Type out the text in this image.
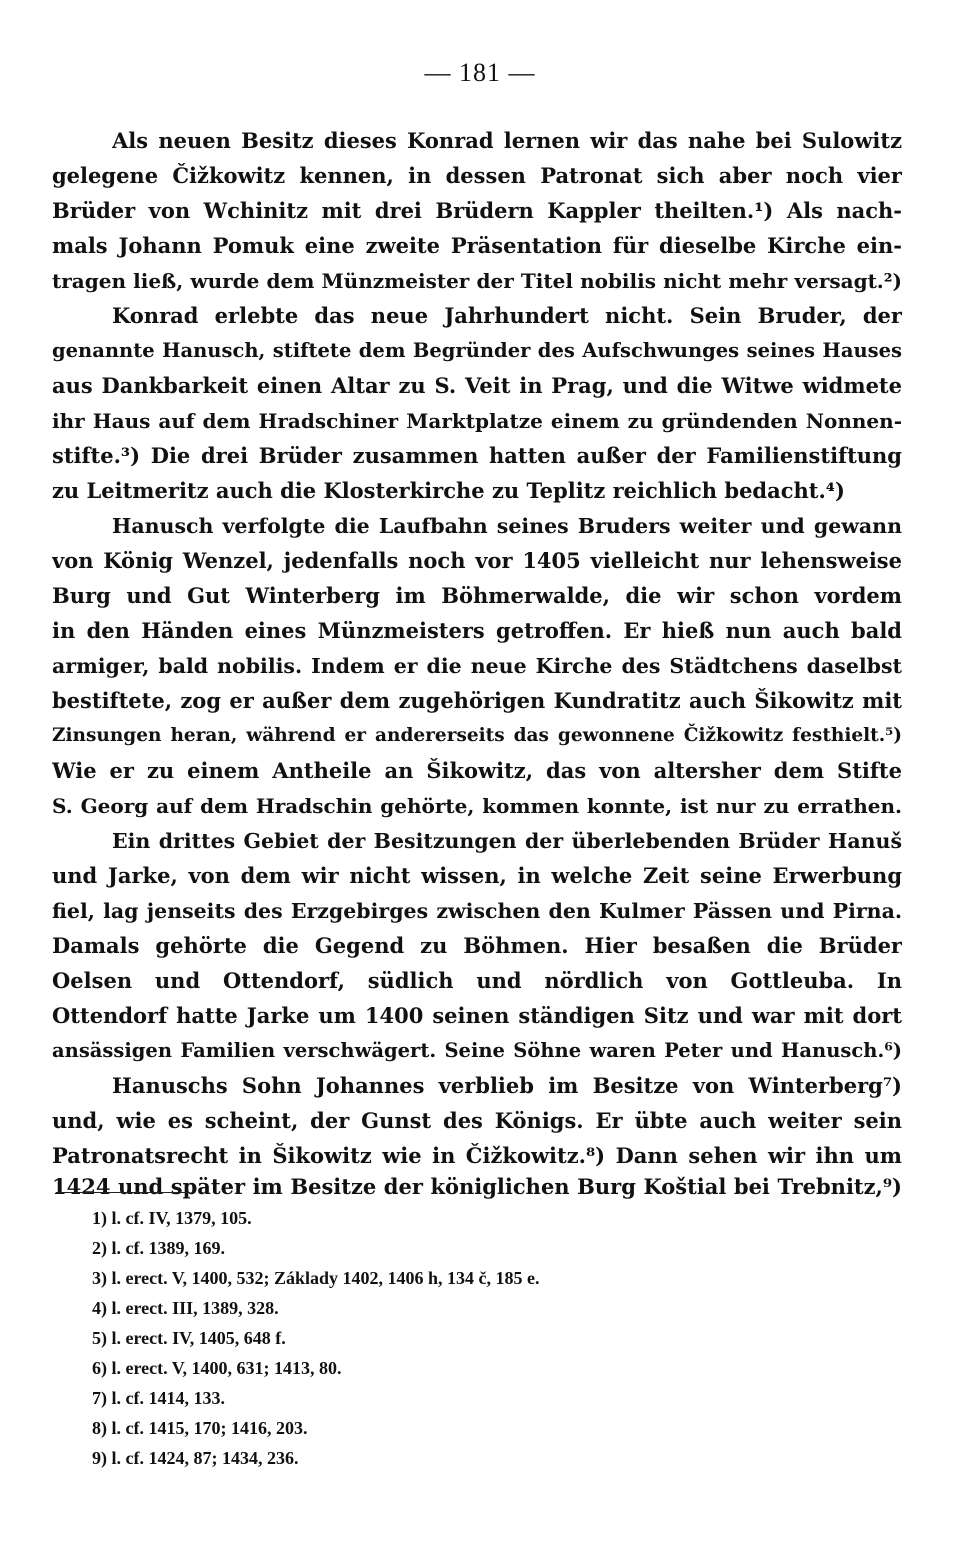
— 181 —
Als neuen Besitz dieses Konrad lernen wir das nahe bei Sulowitz
gelegene Čižkowitz kennen, in dessen Patronat sich aber noch vier
Brüder von Wchinitz mit drei Brüdern Kappler theilten.¹) Als nach-
mals Johann Pomuk eine zweite Präsentation für dieselbe Kirche ein-
tragen ließ, wurde dem Münzmeister der Titel nobilis nicht mehr versagt.²)
Konrad erlebte das neue Jahrhundert nicht. Sein Bruder, der
genannte Hanusch, stiftete dem Begründer des Aufschwunges seines Hauses
aus Dankbarkeit einen Altar zu S. Veit in Prag, und die Witwe widmete
ihr Haus auf dem Hradschiner Marktplatze einem zu gründenden Nonnen-
stifte.³) Die drei Brüder zusammen hatten außer der Familienstiftung
zu Leitmeritz auch die Klosterkirche zu Teplitz reichlich bedacht.⁴)
Hanusch verfolgte die Laufbahn seines Bruders weiter und gewann
von König Wenzel, jedenfalls noch vor 1405 vielleicht nur lehensweise
Burg und Gut Winterberg im Böhmerwalde, die wir schon vordem
in den Händen eines Münzmeisters getroffen. Er hieß nun auch bald
armiger, bald nobilis. Indem er die neue Kirche des Städtchens daselbst
bestiftete, zog er außer dem zugehörigen Kundratitz auch Šikowitz mit
Zinsungen heran, während er andererseits das gewonnene Čižkowitz festhielt.⁵)
Wie er zu einem Antheile an Šikowitz, das von altersher dem Stifte
S. Georg auf dem Hradschin gehörte, kommen konnte, ist nur zu errathen.
Ein drittes Gebiet der Besitzungen der überlebenden Brüder Hanuš
und Jarke, von dem wir nicht wissen, in welche Zeit seine Erwerbung
fiel, lag jenseits des Erzgebirges zwischen den Kulmer Pässen und Pirna.
Damals gehörte die Gegend zu Böhmen. Hier besaßen die Brüder
Oelsen und Ottendorf, südlich und nördlich von Gottleuba. In
Ottendorf hatte Jarke um 1400 seinen ständigen Sitz und war mit dort
ansässigen Familien verschwägert. Seine Söhne waren Peter und Hanusch.⁶)
Hanuschs Sohn Johannes verblieb im Besitze von Winterberg⁷)
und, wie es scheint, der Gunst des Königs. Er übte auch weiter sein
Patronatsrecht in Šikowitz wie in Čižkowitz.⁸) Dann sehen wir ihn um
1424 und später im Besitze der königlichen Burg Koštial bei Trebnitz,⁹)
1) l. cf. IV, 1379, 105.
2) l. cf. 1389, 169.
3) l. erect. V, 1400, 532; Základy 1402, 1406 h, 134 č, 185 e.
4) l. erect. III, 1389, 328.
5) l. erect. IV, 1405, 648 f.
6) l. erect. V, 1400, 631; 1413, 80.
7) l. cf. 1414, 133.
8) l. cf. 1415, 170; 1416, 203.
9) l. cf. 1424, 87; 1434, 236.
